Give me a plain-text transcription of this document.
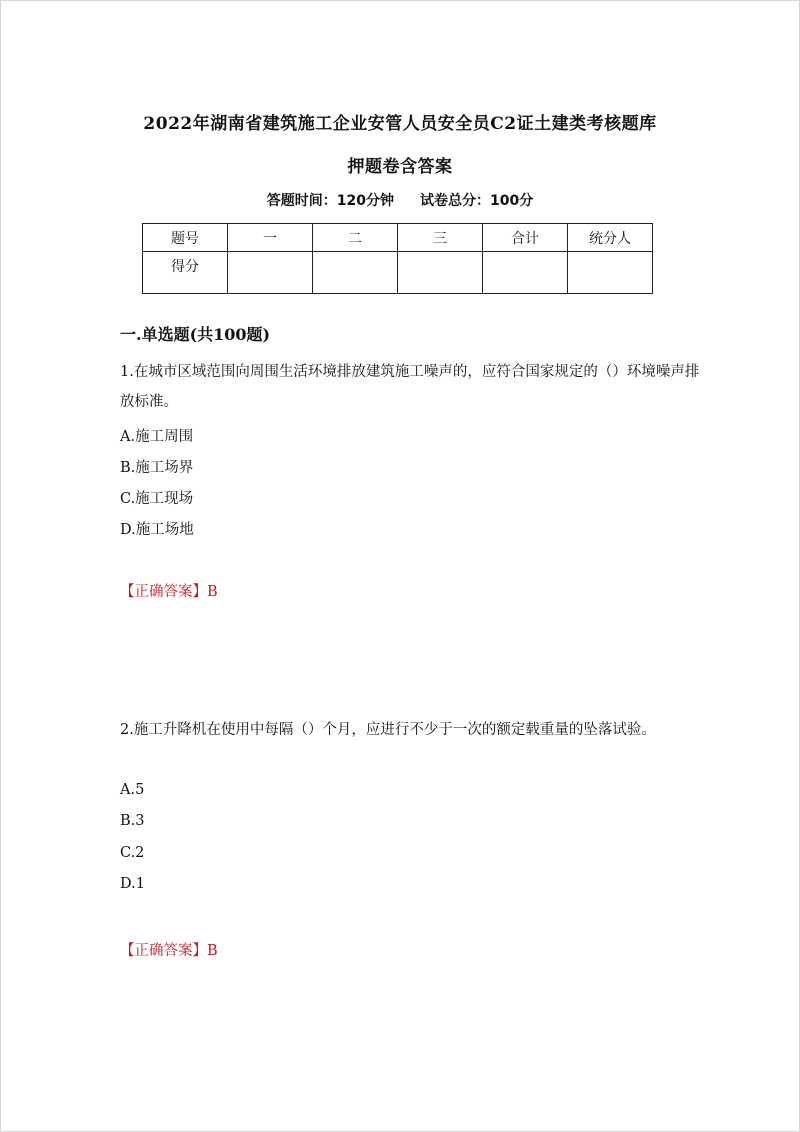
2022年湖南省建筑施工企业安管人员安全员C2证土建类考核题库
押题卷含答案
答题时间：120分钟 试卷总分：100分
题号	一	二	三	合计	统分人
得分					
一.单选题(共100题)
1.在城市区域范围向周围生活环境排放建筑施工噪声的，应符合国家规定的（）环境噪声排放标准。
A.施工周围
B.施工场界
C.施工现场
D.施工场地
【正确答案】B
2.施工升降机在使用中每隔（）个月，应进行不少于一次的额定载重量的坠落试验。
A.5
B.3
C.2
D.1
【正确答案】B
